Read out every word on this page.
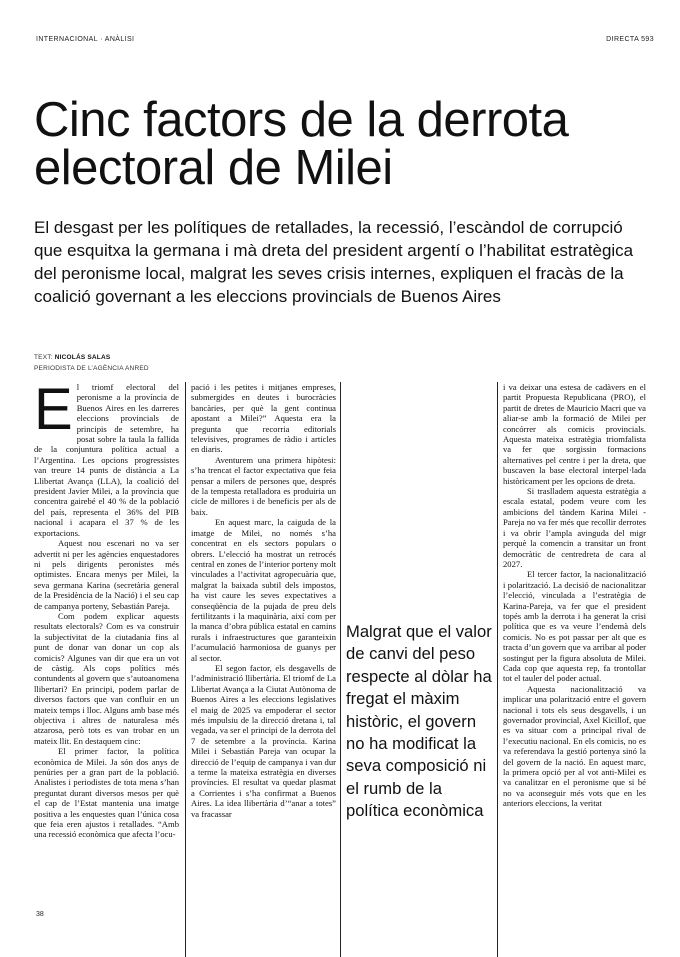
INTERNACIONAL · ANÀLISI	DIRECTA 593
Cinc factors de la derrota electoral de Milei

El desgast per les polítiques de retallades, la recessió, l’escàndol de corrupció que esquitxa la germana i mà dreta del president argentí o l’habilitat estratègica del peronisme local, malgrat les seves crisis internes, expliquen el fracàs de la coalició governant a les eleccions provincials de Buenos Aires

TEXT: NICOLÁS SALAS
PERIODISTA DE L’AGÈNCIA ANRED

El triomf electoral del peronisme a la província de Buenos Aires en les darreres eleccions provincials de principis de setembre, ha posat sobre la taula la fallida de la conjuntura política actual a l’Argentina. Les opcions progressistes van treure 14 punts de distància a La Llibertat Avança (LLA), la coalició del president Javier Milei, a la província que concentra gairebé el 40 % de la població del país, representa el 36% del PIB nacional i acapara el 37 % de les exportacions.

Aquest nou escenari no va ser advertit ni per les agències enquestadores ni pels dirigents peronistes més optimistes. Encara menys per Milei, la seva germana Karina (secretària general de la Presidència de la Nació) i el seu cap de campanya porteny, Sebastián Pareja.

Com podem explicar aquests resultats electorals? Com es va construir la subjectivitat de la ciutadania fins al punt de donar van donar un cop als comicis? Algunes van dir que era un vot de càstig. Als cops polítics més contundents al govern que s’autoanomena llibertari? En principi, podem parlar de diversos factors que van confluir en un mateix temps i lloc. Alguns amb base més objectiva i altres de naturalesa més atzarosa, però tots es van trobar en un mateix llit. En destaquem cinc:

El primer factor, la política econòmica de Milei. Ja són dos anys de penúries per a gran part de la població. Analistes i periodistes de tota mena s’han preguntat durant diversos mesos per què el cap de l’Estat mantenia una imatge positiva a les enquestes quan l’única cosa que feia eren ajustos i retallades. “Amb una recessió econòmica que afecta l’ocu-

pació i les petites i mitjanes empreses, submergides en deutes i burocràcies bancàries, per què la gent continua apostant a Milei?” Aquesta era la pregunta que recorria editorials televisives, programes de ràdio i articles en diaris.

Aventurem una primera hipòtesi: s’ha trencat el factor expectativa que feia pensar a milers de persones que, després de la tempesta retalladora es produiria un cicle de millores i de beneficis per als de baix.

En aquest marc, la caiguda de la imatge de Milei, no només s’ha concentrat en els sectors populars o obrers. L’elecció ha mostrat un retrocés central en zones de l’interior porteny molt vinculades a l’activitat agropecuària que, malgrat la baixada subtil dels impostos, ha vist caure les seves expectatives a conseqüència de la pujada de preu dels fertilitzants i la maquinària, així com per la manca d’obra pública estatal en camins rurals i infraestructures que garanteixin l’acumulació harmoniosa de guanys per al sector.

El segon factor, els desgavells de l’administració llibertària. El triomf de La Llibertat Avança a la Ciutat Autònoma de Buenos Aires a les eleccions legislatives el maig de 2025 va empoderar el sector més impulsiu de la direcció dretana i, tal vegada, va ser el principi de la derrota del 7 de setembre a la província. Karina Milei i Sebastián Pareja van ocupar la direcció de l’equip de campanya i van dur a terme la mateixa estratègia en diverses províncies. El resultat va quedar plasmat a Corrientes i s’ha confirmat a Buenos Aires. La idea llibertària d’“anar a totes” va fracassar

Malgrat que el valor de canvi del peso respecte al dòlar ha fregat el màxim històric, el govern no ha modificat la seva composició ni el rumb de la política econòmica

i va deixar una estesa de cadàvers en el partit Propuesta Republicana (PRO), el partit de dretes de Mauricio Macri que va aliar-se amb la formació de Milei per concórrer als comicis provincials. Aquesta mateixa estratègia triomfalista va fer que sorgissin formacions alternatives pel centre i per la dreta, que buscaven la base electoral interpel·lada històricament per les opcions de dreta.

Si traslladem aquesta estratègia a escala estatal, podem veure com les ambicions del tàndem Karina Milei - Pareja no va fer més que recollir derrotes i va obrir l’ampla avinguda del migr perquè la comencin a transitar un front democràtic de centredreta de cara al 2027.

El tercer factor, la nacionalització i polarització. La decisió de nacionalitzar l’elecció, vinculada a l’estratègia de Karina-Pareja, va fer que el president topés amb la derrota i ha generat la crisi política que es va veure l’endemà dels comicis. No es pot passar per alt que es tracta d’un govern que va arribar al poder sostingut per la figura absoluta de Milei. Cada cop que aquesta rep, fa trontollar tot el tauler del poder actual.

Aquesta nacionalització va implicar una polarització entre el govern nacional i tots els seus desgavells, i un governador provincial, Axel Kicillof, que es va situar com a principal rival de l’executiu nacional. En els comicis, no es va referendava la gestió portenya sinó la del govern de la nació. En aquest marc, la primera opció per al vot anti-Milei es va canalitzar en el peronisme que si bé no va aconseguir més vots que en les anteriors eleccions, la veritat

38
